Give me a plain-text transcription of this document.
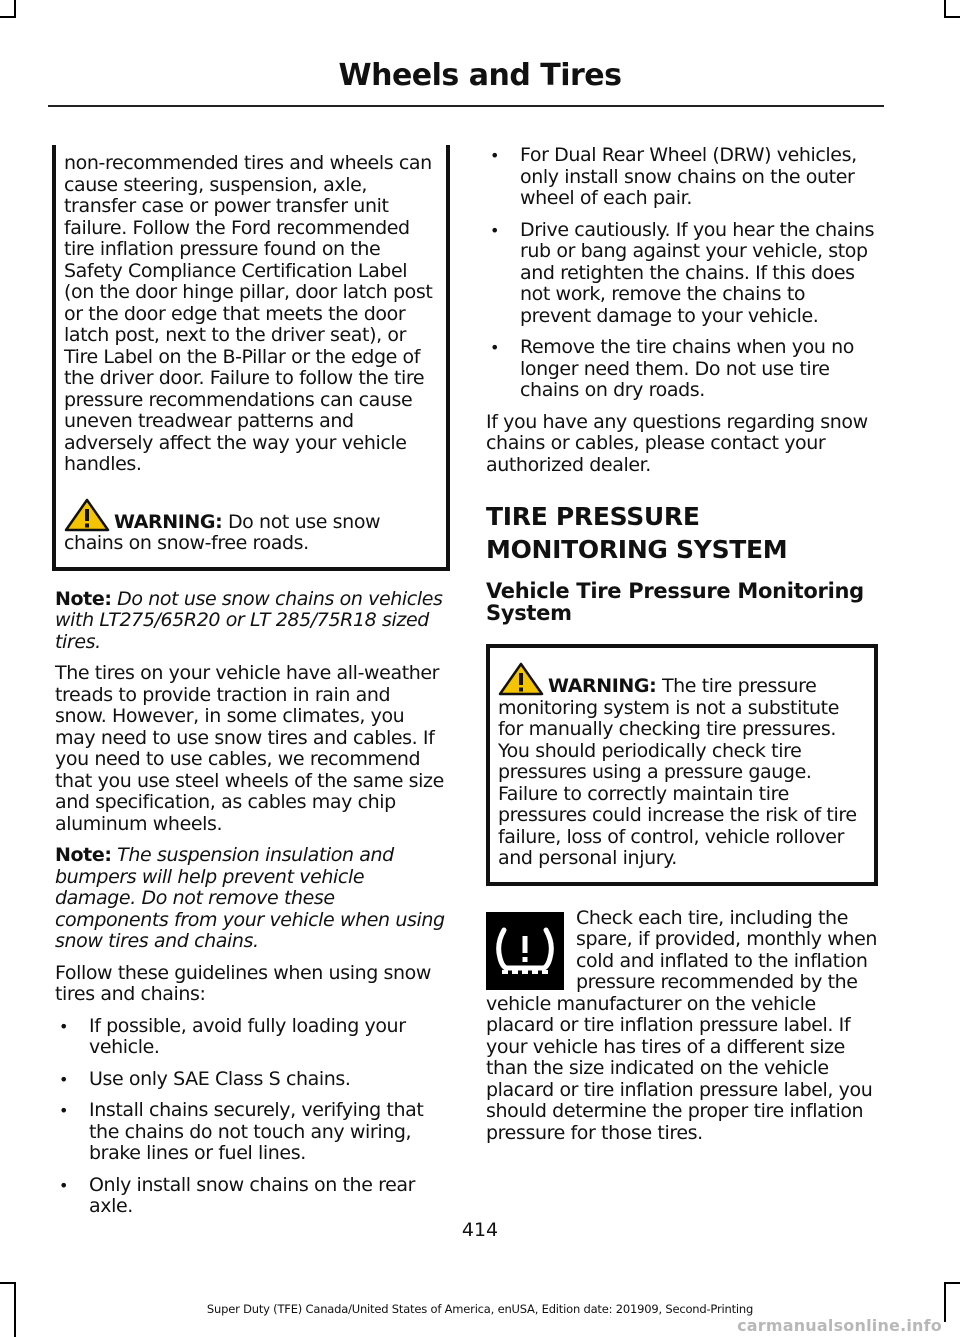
Wheels and Tires

non-recommended tires and wheels can cause steering, suspension, axle, transfer case or power transfer unit failure. Follow the Ford recommended tire inflation pressure found on the Safety Compliance Certification Label (on the door hinge pillar, door latch post or the door edge that meets the door latch post, next to the driver seat), or Tire Label on the B-Pillar or the edge of the driver door. Failure to follow the tire pressure recommendations can cause uneven treadwear patterns and adversely affect the way your vehicle handles.

WARNING: Do not use snow chains on snow-free roads.

Note: Do not use snow chains on vehicles with LT275/65R20 or LT 285/75R18 sized tires.

The tires on your vehicle have all-weather treads to provide traction in rain and snow. However, in some climates, you may need to use snow tires and cables. If you need to use cables, we recommend that you use steel wheels of the same size and specification, as cables may chip aluminum wheels.

Note: The suspension insulation and bumpers will help prevent vehicle damage. Do not remove these components from your vehicle when using snow tires and chains.

Follow these guidelines when using snow tires and chains:

• If possible, avoid fully loading your vehicle.
• Use only SAE Class S chains.
• Install chains securely, verifying that the chains do not touch any wiring, brake lines or fuel lines.
• Only install snow chains on the rear axle.
• For Dual Rear Wheel (DRW) vehicles, only install snow chains on the outer wheel of each pair.
• Drive cautiously. If you hear the chains rub or bang against your vehicle, stop and retighten the chains. If this does not work, remove the chains to prevent damage to your vehicle.
• Remove the tire chains when you no longer need them. Do not use tire chains on dry roads.

If you have any questions regarding snow chains or cables, please contact your authorized dealer.

TIRE PRESSURE MONITORING SYSTEM
Vehicle Tire Pressure Monitoring System

WARNING: The tire pressure monitoring system is not a substitute for manually checking tire pressures. You should periodically check tire pressures using a pressure gauge. Failure to correctly maintain tire pressures could increase the risk of tire failure, loss of control, vehicle rollover and personal injury.

Check each tire, including the spare, if provided, monthly when cold and inflated to the inflation pressure recommended by the vehicle manufacturer on the vehicle placard or tire inflation pressure label. If your vehicle has tires of a different size than the size indicated on the vehicle placard or tire inflation pressure label, you should determine the proper tire inflation pressure for those tires.

414
Super Duty (TFE) Canada/United States of America, enUSA, Edition date: 201909, Second-Printing
carmanualsonline.info
